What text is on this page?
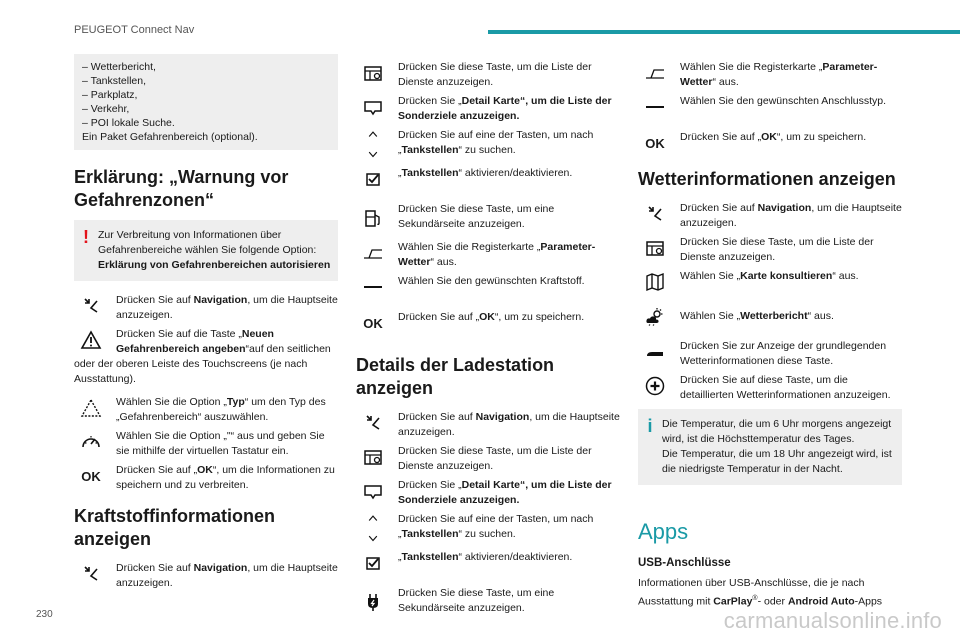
PEUGEOT Connect Nav
– Wetterbericht,
– Tankstellen,
– Parkplatz,
– Verkehr,
– POI lokale Suche.
Ein Paket Gefahrenbereich (optional).
Erklärung: „Warnung vor Gefahrenzonen“
! Zur Verbreitung von Informationen über Gefahrenbereiche wählen Sie folgende Option:
Erklärung von Gefahrenbereichen autorisieren
Drücken Sie auf Navigation, um die Hauptseite anzuzeigen.
Drücken Sie auf die Taste „Neuen Gefahrenbereich angeben“auf den seitlichen
oder der oberen Leiste des Touchscreens (je nach Ausstattung).
Wählen Sie die Option „Typ“ um den Typ des „Gefahrenbereich“ auszuwählen.
Wählen Sie die Option „"“ aus und geben Sie sie mithilfe der virtuellen Tastatur ein.
OK Drücken Sie auf „OK“, um die Informationen zu speichern und zu verbreiten.
Kraftstoffinformationen anzeigen
Drücken Sie auf Navigation, um die Hauptseite anzuzeigen.
Drücken Sie diese Taste, um die Liste der Dienste anzuzeigen.
Drücken Sie „Detail Karte“, um die Liste der Sonderziele anzuzeigen.
Drücken Sie auf eine der Tasten, um nach „Tankstellen“ zu suchen.
„Tankstellen“ aktivieren/deaktivieren.
Drücken Sie diese Taste, um eine Sekundärseite anzuzeigen.
Wählen Sie die Registerkarte „Parameter-Wetter“ aus.
Wählen Sie den gewünschten Kraftstoff.
OK Drücken Sie auf „OK“, um zu speichern.
Details der Ladestation anzeigen
Drücken Sie auf Navigation, um die Hauptseite anzuzeigen.
Drücken Sie diese Taste, um die Liste der Dienste anzuzeigen.
Drücken Sie „Detail Karte“, um die Liste der Sonderziele anzuzeigen.
Drücken Sie auf eine der Tasten, um nach „Tankstellen“ zu suchen.
„Tankstellen“ aktivieren/deaktivieren.
Drücken Sie diese Taste, um eine Sekundärseite anzuzeigen.
Wählen Sie die Registerkarte „Parameter-Wetter“ aus.
Wählen Sie den gewünschten Anschlusstyp.
OK Drücken Sie auf „OK“, um zu speichern.
Wetterinformationen anzeigen
Drücken Sie auf Navigation, um die Hauptseite anzuzeigen.
Drücken Sie diese Taste, um die Liste der Dienste anzuzeigen.
Wählen Sie „Karte konsultieren“ aus.
Wählen Sie „Wetterbericht“ aus.
Drücken Sie zur Anzeige der grundlegenden Wetterinformationen diese Taste.
Drücken Sie auf diese Taste, um die detaillierten Wetterinformationen anzuzeigen.
i Die Temperatur, die um 6 Uhr morgens angezeigt wird, ist die Höchsttemperatur des Tages.
Die Temperatur, die um 18 Uhr angezeigt wird, ist die niedrigste Temperatur in der Nacht.
Apps
USB-Anschlüsse
Informationen über USB-Anschlüsse, die je nach Ausstattung mit CarPlay®- oder Android Auto-Apps
230	carmanualsonline.info
